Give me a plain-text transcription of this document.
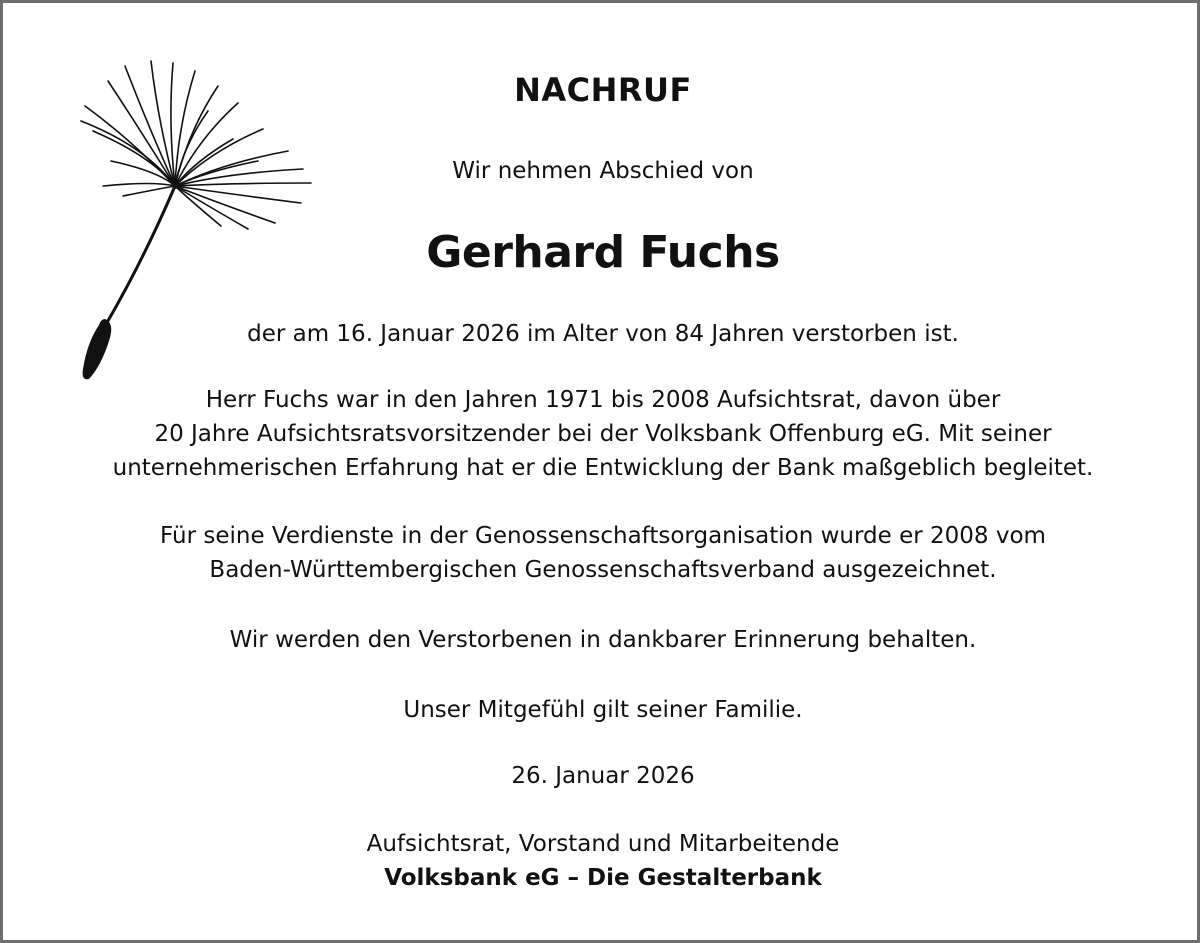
NACHRUF
Wir nehmen Abschied von
Gerhard Fuchs
der am 16. Januar 2026 im Alter von 84 Jahren verstorben ist.
Herr Fuchs war in den Jahren 1971 bis 2008 Aufsichtsrat, davon über
20 Jahre Aufsichtsratsvorsitzender bei der Volksbank Offenburg eG. Mit seiner
unternehmerischen Erfahrung hat er die Entwicklung der Bank maßgeblich begleitet.
Für seine Verdienste in der Genossenschaftsorganisation wurde er 2008 vom
Baden-Württembergischen Genossenschaftsverband ausgezeichnet.
Wir werden den Verstorbenen in dankbarer Erinnerung behalten.
Unser Mitgefühl gilt seiner Familie.
26. Januar 2026
Aufsichtsrat, Vorstand und Mitarbeitende
Volksbank eG – Die Gestalterbank
